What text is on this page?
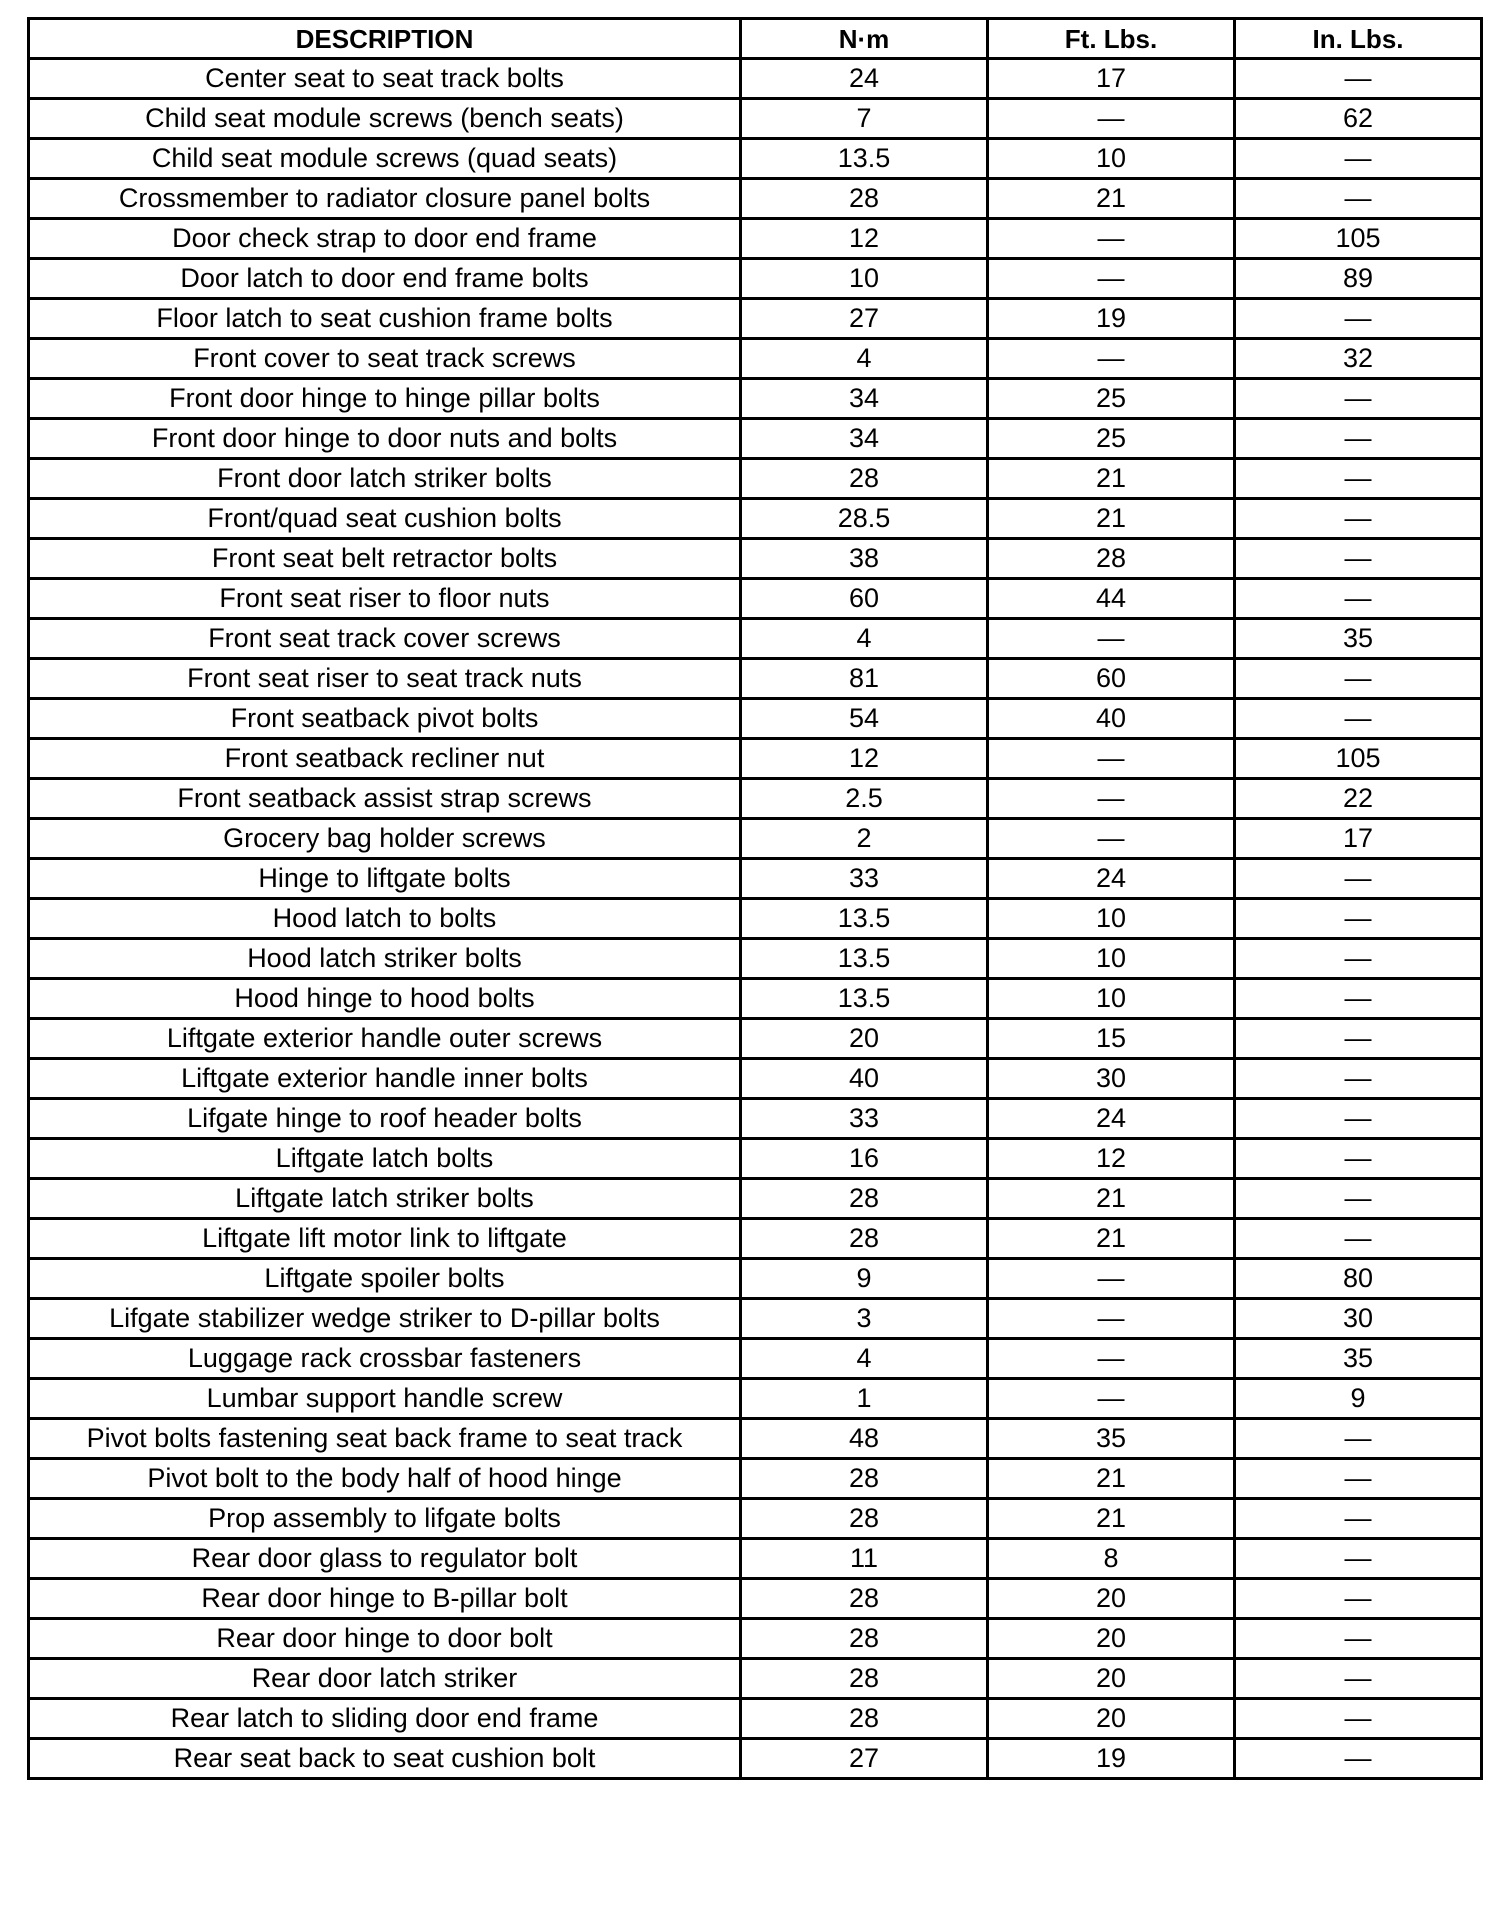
DESCRIPTION	N·m	Ft. Lbs.	In. Lbs.
Center seat to seat track bolts	24	17	—
Child seat module screws (bench seats)	7	—	62
Child seat module screws (quad seats)	13.5	10	—
Crossmember to radiator closure panel bolts	28	21	—
Door check strap to door end frame	12	—	105
Door latch to door end frame bolts	10	—	89
Floor latch to seat cushion frame bolts	27	19	—
Front cover to seat track screws	4	—	32
Front door hinge to hinge pillar bolts	34	25	—
Front door hinge to door nuts and bolts	34	25	—
Front door latch striker bolts	28	21	—
Front/quad seat cushion bolts	28.5	21	—
Front seat belt retractor bolts	38	28	—
Front seat riser to floor nuts	60	44	—
Front seat track cover screws	4	—	35
Front seat riser to seat track nuts	81	60	—
Front seatback pivot bolts	54	40	—
Front seatback recliner nut	12	—	105
Front seatback assist strap screws	2.5	—	22
Grocery bag holder screws	2	—	17
Hinge to liftgate bolts	33	24	—
Hood latch to bolts	13.5	10	—
Hood latch striker bolts	13.5	10	—
Hood hinge to hood bolts	13.5	10	—
Liftgate exterior handle outer screws	20	15	—
Liftgate exterior handle inner bolts	40	30	—
Lifgate hinge to roof header bolts	33	24	—
Liftgate latch bolts	16	12	—
Liftgate latch striker bolts	28	21	—
Liftgate lift motor link to liftgate	28	21	—
Liftgate spoiler bolts	9	—	80
Lifgate stabilizer wedge striker to D-pillar bolts	3	—	30
Luggage rack crossbar fasteners	4	—	35
Lumbar support handle screw	1	—	9
Pivot bolts fastening seat back frame to seat track	48	35	—
Pivot bolt to the body half of hood hinge	28	21	—
Prop assembly to lifgate bolts	28	21	—
Rear door glass to regulator bolt	11	8	—
Rear door hinge to B-pillar bolt	28	20	—
Rear door hinge to door bolt	28	20	—
Rear door latch striker	28	20	—
Rear latch to sliding door end frame	28	20	—
Rear seat back to seat cushion bolt	27	19	—
